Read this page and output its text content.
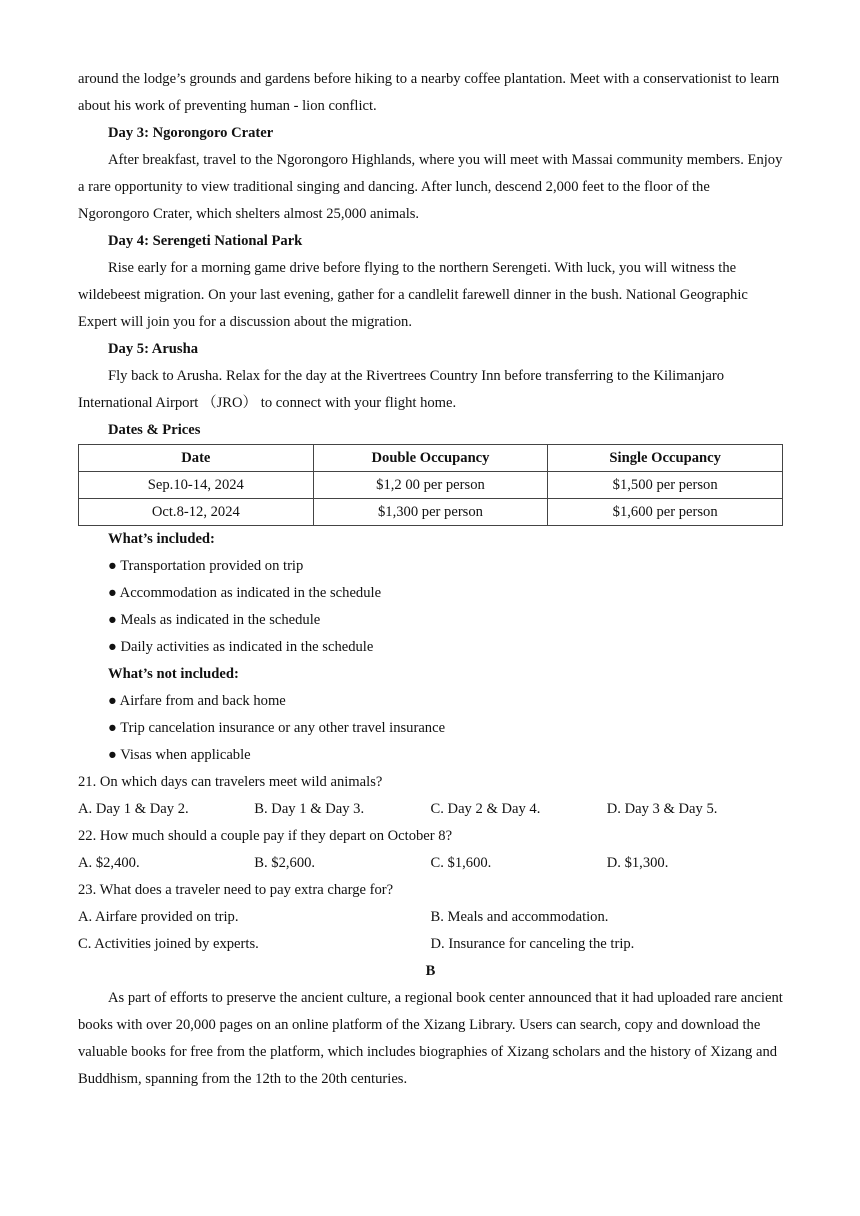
around the lodge’s grounds and gardens before hiking to a nearby coffee plantation. Meet with a conservationist to learn about his work of preventing human - lion conflict.

Day 3: Ngorongoro Crater

After breakfast, travel to the Ngorongoro Highlands, where you will meet with Massai community members. Enjoy a rare opportunity to view traditional singing and dancing. After lunch, descend 2,000 feet to the floor of the Ngorongoro Crater, which shelters almost 25,000 animals.

Day 4: Serengeti National Park

Rise early for a morning game drive before flying to the northern Serengeti. With luck, you will witness the wildebeest migration. On your last evening, gather for a candlelit farewell dinner in the bush. National Geographic Expert will join you for a discussion about the migration.

Day 5: Arusha

Fly back to Arusha. Relax for the day at the Rivertrees Country Inn before transferring to the Kilimanjaro International Airport （JRO） to connect with your flight home.

Dates & Prices

Date	Double Occupancy	Single Occupancy
Sep.10-14, 2024	$1,2 00 per person	$1,500 per person
Oct.8-12, 2024	$1,300 per person	$1,600 per person

What’s included:

● Transportation provided on trip

● Accommodation as indicated in the schedule

● Meals as indicated in the schedule

● Daily activities as indicated in the schedule

What’s not included:

● Airfare from and back home

● Trip cancelation insurance or any other travel insurance

● Visas when applicable

21. On which days can travelers meet wild animals?

A. Day 1 & Day 2.	B. Day 1 & Day 3.	C. Day 2 & Day 4.	D. Day 3 & Day 5.

22. How much should a couple pay if they depart on October 8?

A. $2,400.	B. $2,600.	C. $1,600.	D. $1,300.

23. What does a traveler need to pay extra charge for?

A. Airfare provided on trip.	B. Meals and accommodation.
C. Activities joined by experts.	D. Insurance for canceling the trip.

B

As part of efforts to preserve the ancient culture, a regional book center announced that it had uploaded rare ancient books with over 20,000 pages on an online platform of the Xizang Library. Users can search, copy and download the valuable books for free from the platform, which includes biographies of Xizang scholars and the history of Xizang and Buddhism, spanning from the 12th to the 20th centuries.
